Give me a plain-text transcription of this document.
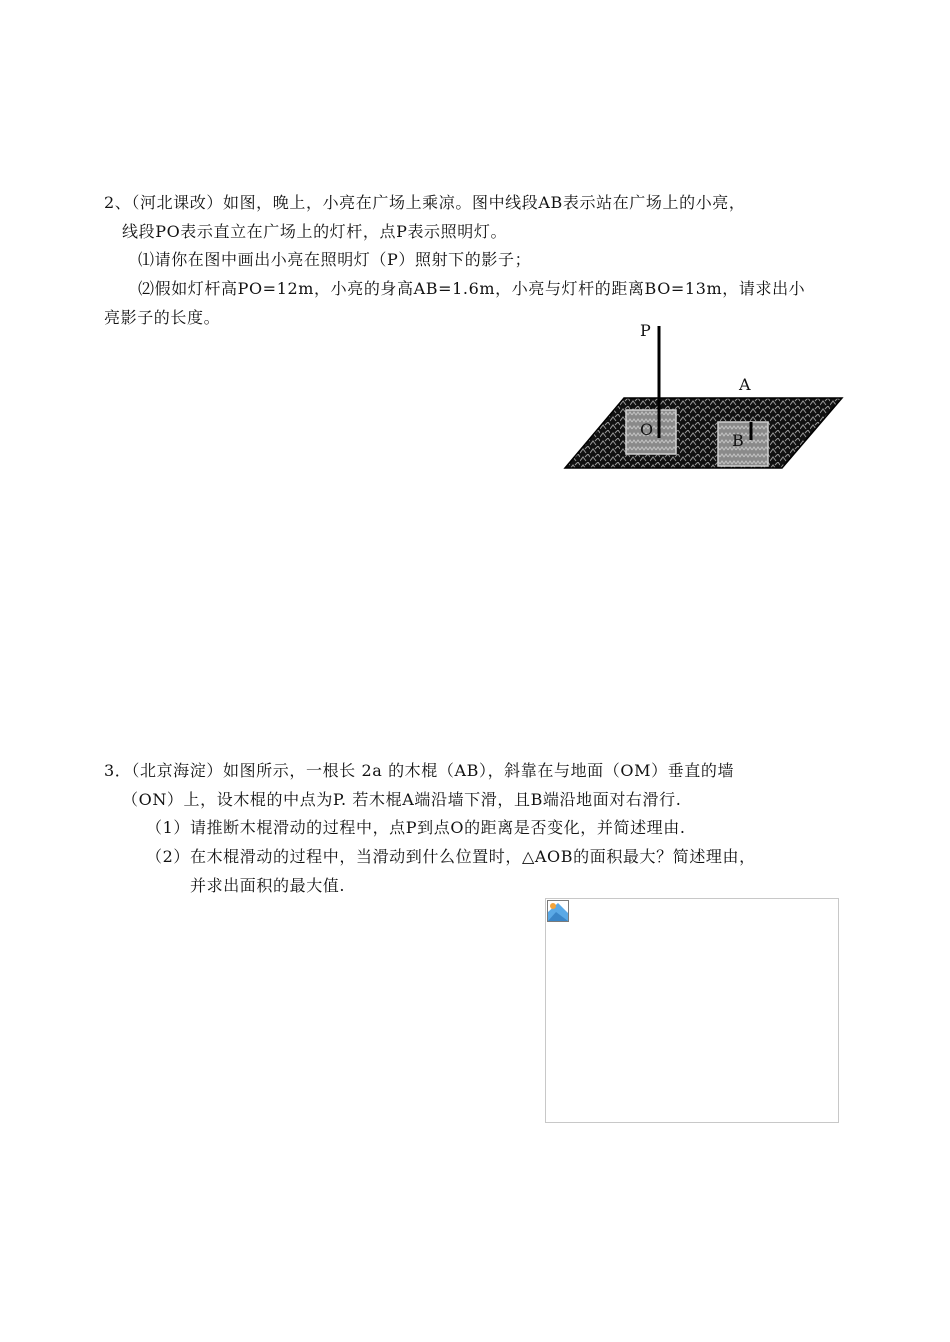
2、（河北课改）如图，晚上，小亮在广场上乘凉。图中线段AB表示站在广场上的小亮，
线段PO表示直立在广场上的灯杆，点P表示照明灯。
⑴请你在图中画出小亮在照明灯（P）照射下的影子；
⑵假如灯杆高PO=12m，小亮的身高AB=1.6m，小亮与灯杆的距离BO=13m，请求出小
亮影子的长度。
P
A
O
B
3．（北京海淀）如图所示，一根长 2a 的木棍（AB），斜靠在与地面（OM）垂直的墙
（ON）上，设木棍的中点为P. 若木棍A端沿墙下滑，且B端沿地面对右滑行.
（1）请推断木棍滑动的过程中，点P到点O的距离是否变化，并简述理由.
（2）在木棍滑动的过程中，当滑动到什么位置时，△AOB的面积最大？简述理由，
并求出面积的最大值.
